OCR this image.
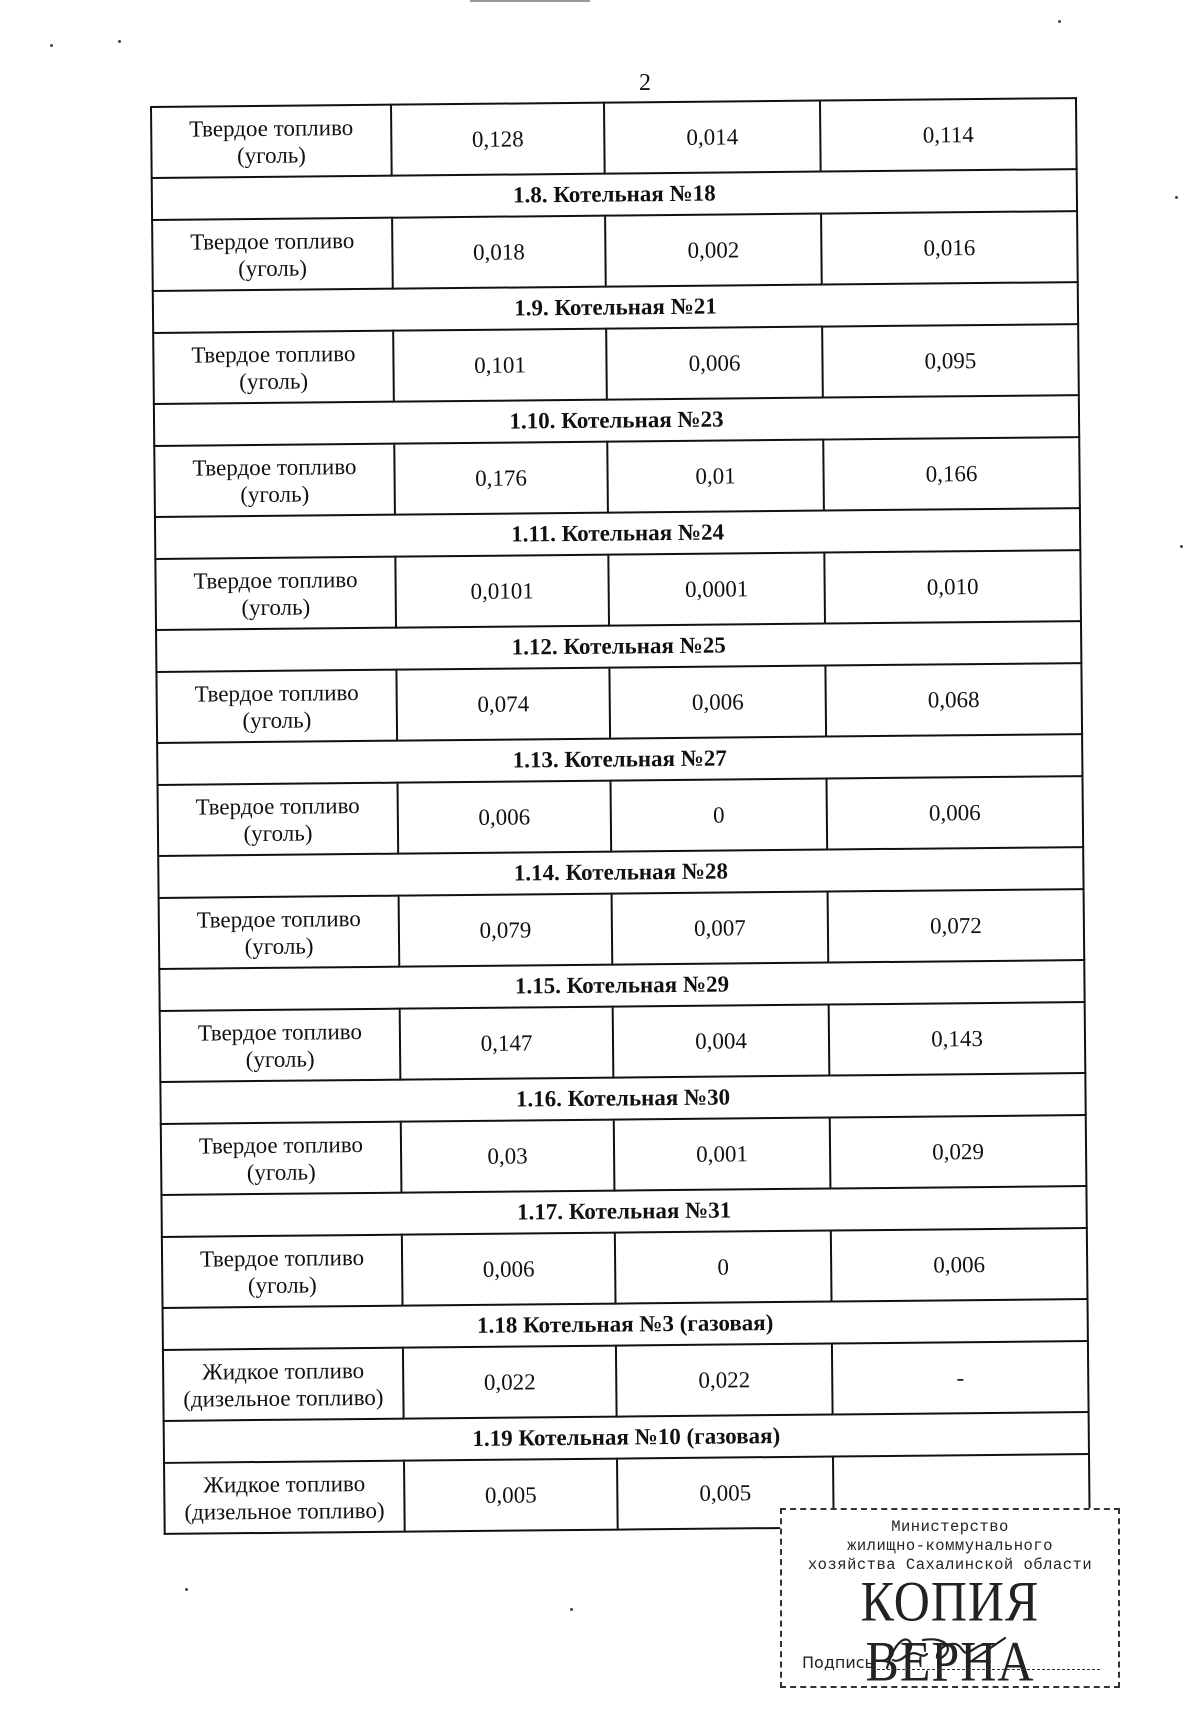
2
Твердое топливо
(уголь)	0,128	0,014	0,114
1.8. Котельная №18			
Твердое топливо
(уголь)	0,018	0,002	0,016
1.9. Котельная №21			
Твердое топливо
(уголь)	0,101	0,006	0,095
1.10. Котельная №23			
Твердое топливо
(уголь)	0,176	0,01	0,166
1.11. Котельная №24			
Твердое топливо
(уголь)	0,0101	0,0001	0,010
1.12. Котельная №25			
Твердое топливо
(уголь)	0,074	0,006	0,068
1.13. Котельная №27			
Твердое топливо
(уголь)	0,006	0	0,006
1.14. Котельная №28			
Твердое топливо
(уголь)	0,079	0,007	0,072
1.15. Котельная №29			
Твердое топливо
(уголь)	0,147	0,004	0,143
1.16. Котельная №30			
Твердое топливо
(уголь)	0,03	0,001	0,029
1.17. Котельная №31			
Твердое топливо
(уголь)	0,006	0	0,006
1.18 Котельная №3 (газовая)			
Жидкое топливо
(дизельное топливо)	0,022	0,022	-
1.19 Котельная №10 (газовая)			
Жидкое топливо
(дизельное топливо)	0,005	0,005	
Министерство
жилищно-коммунального
хозяйства Сахалинской области
КОПИЯ ВЕРНА
Подпись
